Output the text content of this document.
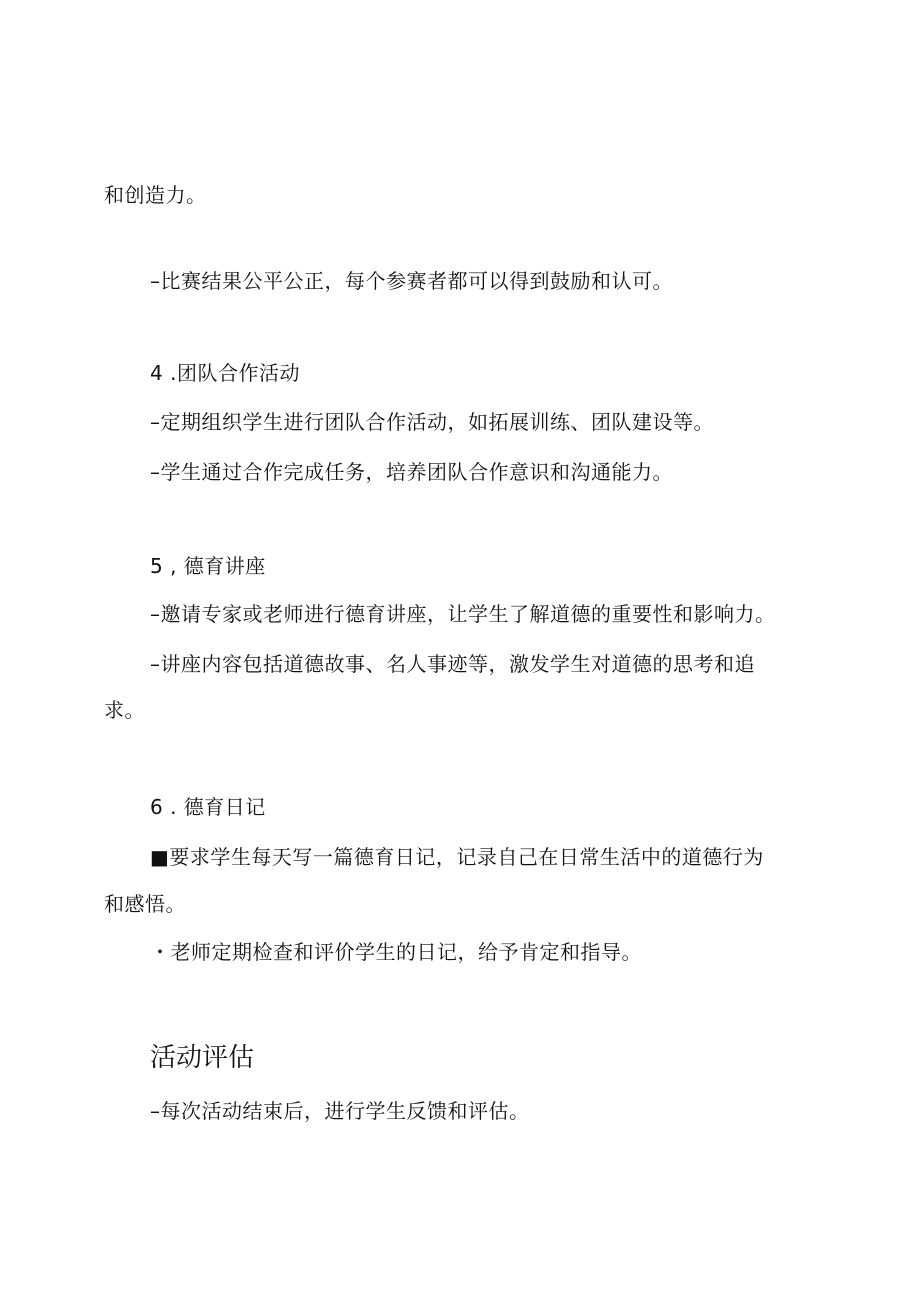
和创造力。
–比赛结果公平公正，每个参赛者都可以得到鼓励和认可。
4 .团队合作活动
–定期组织学生进行团队合作活动，如拓展训练、团队建设等。
–学生通过合作完成任务，培养团队合作意识和沟通能力。
5 , 德育讲座
–邀请专家或老师进行德育讲座，让学生了解道德的重要性和影响力。
–讲座内容包括道德故事、名人事迹等，激发学生对道德的思考和追
求。
6 . 德育日记
■要求学生每天写一篇德育日记，记录自己在日常生活中的道德行为
和感悟。
・老师定期检查和评价学生的日记，给予肯定和指导。
活动评估
–每次活动结束后，进行学生反馈和评估。
